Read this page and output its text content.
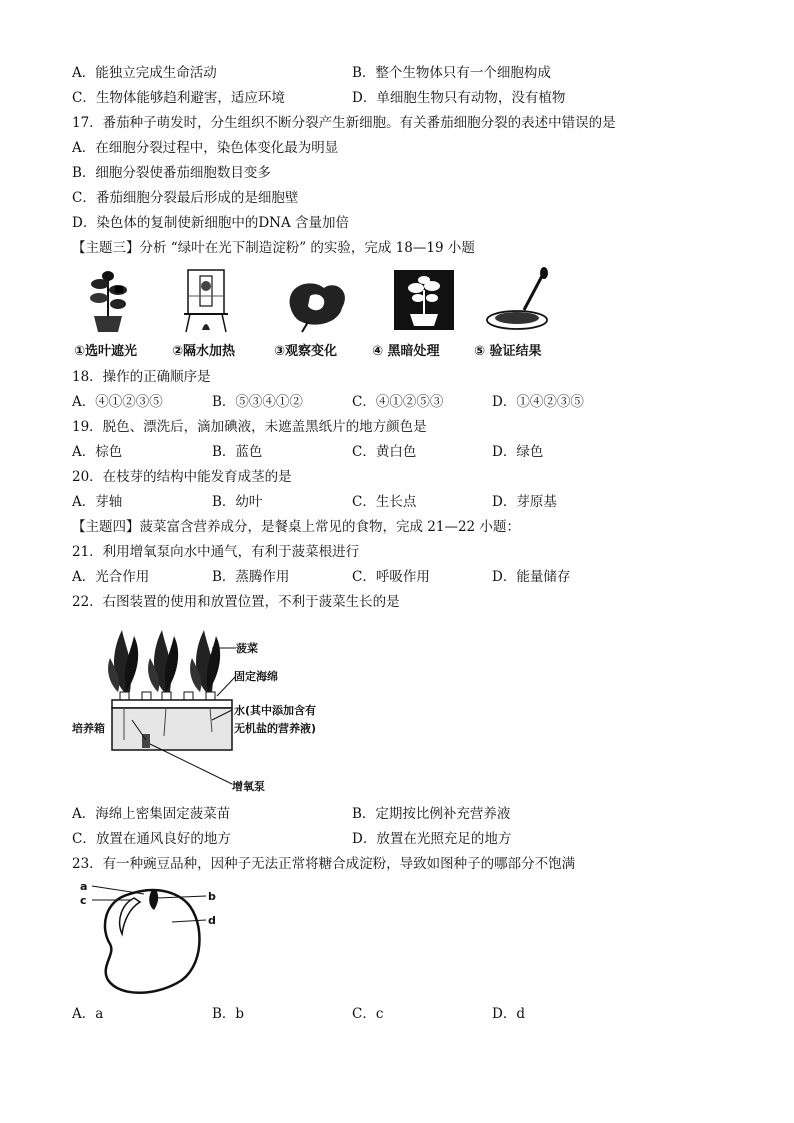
A．能独立完成生命活动	B．整个生物体只有一个细胞构成
C．生物体能够趋利避害，适应环境	D．单细胞生物只有动物，没有植物
17．番茄种子萌发时，分生组织不断分裂产生新细胞。有关番茄细胞分裂的表述中错误的是
A．在细胞分裂过程中，染色体变化最为明显
B．细胞分裂使番茄细胞数目变多
C．番茄细胞分裂最后形成的是细胞壁
D．染色体的复制使新细胞中的DNA 含量加倍
【主题三】分析 “绿叶在光下制造淀粉” 的实验，完成 18—19 小题
①选叶遮光	②隔水加热	③观察变化	④ 黑暗处理	⑤ 验证结果
18．操作的正确顺序是
A．④①②③⑤	B．⑤③④①②	C．④①②⑤③	D．①④②③⑤
19．脱色、漂洗后，滴加碘液，未遮盖黑纸片的地方颜色是
A．棕色	B．蓝色	C．黄白色	D．绿色
20．在枝芽的结构中能发育成茎的是
A．芽轴	B．幼叶	C．生长点	D．芽原基
【主题四】菠菜富含营养成分，是餐桌上常见的食物，完成 21—22 小题：
21．利用增氧泵向水中通气，有利于菠菜根进行
A．光合作用	B．蒸腾作用	C．呼吸作用	D．能量储存
22．右图装置的使用和放置位置，不利于菠菜生长的是
菠菜
固定海绵
水(其中添加含有
无机盐的营养液)
培养箱
增氧泵
A．海绵上密集固定菠菜苗	B．定期按比例补充营养液
C．放置在通风良好的地方	D．放置在光照充足的地方
23．有一种豌豆品种，因种子无法正常将糖合成淀粉，导致如图种子的哪部分不饱满
a
c	b
d
A．a	B．b	C．c	D．d
